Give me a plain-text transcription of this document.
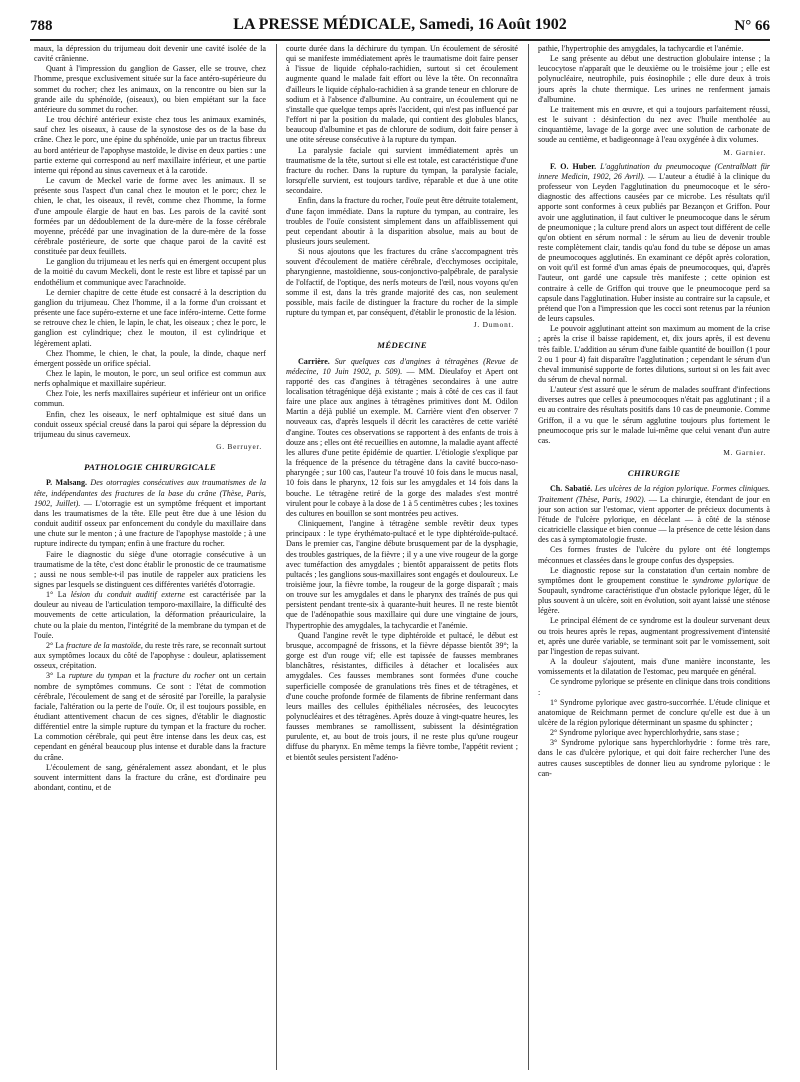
788	LA PRESSE MÉDICALE, Samedi, 16 Août 1902	N° 66

maux, la dépression du trijumeau doit devenir une cavité isolée de la cavité crânienne.

Quant à l'impression du ganglion de Gasser, elle se trouve, chez l'homme, presque exclusivement située sur la face antéro-supérieure du sommet du rocher; chez les animaux, on la rencontre ou bien sur la grande aile du sphénoïde, (oiseaux), ou bien empiétant sur la face antérieure du sommet du rocher.

Le trou déchiré antérieur existe chez tous les animaux examinés, sauf chez les oiseaux, à cause de la synostose des os de la base du crâne. Chez le porc, une épine du sphénoïde, unie par un tractus fibreux au bord antérieur de l'apophyse mastoïde, le divise en deux parties : une partie externe qui correspond au nerf maxillaire inférieur, et une partie interne qui répond au sinus caverneux et à la carotide.

Le cavum de Meckel varie de forme avec les animaux. Il se présente sous l'aspect d'un canal chez le mouton et le porc; chez le chien, le chat, les oiseaux, il revêt, comme chez l'homme, la forme d'une ampoule élargie de haut en bas. Les parois de la cavité sont formées par un dédoublement de la dure-mère de la fosse cérébrale moyenne, précédé par une invagination de la dure-mère de la fosse cérébrale postérieure, de sorte que chaque paroi de la cavité est constituée par deux feuillets.

Le ganglion du trijumeau et les nerfs qui en émergent occupent plus de la moitié du cavum Meckeli, dont le reste est libre et tapissé par un endothélium et communique avec l'arachnoïde.

Le dernier chapitre de cette étude est consacré à la description du ganglion du trijumeau. Chez l'homme, il a la forme d'un croissant et présente une face supéro-externe et une face inféro-interne. Cette forme se retrouve chez le chien, le lapin, le chat, les oiseaux ; chez le porc, le ganglion est cylindrique; chez le mouton, il est cylindrique et légèrement aplati.

Chez l'homme, le chien, le chat, la poule, la dinde, chaque nerf émergent possède un orifice spécial.

Chez le lapin, le mouton, le porc, un seul orifice est commun aux nerfs ophalmique et maxillaire supérieur.

Chez l'oie, les nerfs maxillaires supérieur et inférieur ont un orifice commun.

Enfin, chez les oiseaux, le nerf ophtalmique est situé dans un conduit osseux spécial creusé dans la paroi qui sépare la dépression du trijumeau du sinus caverneux.

G. Berruyer.
PATHOLOGIE CHIRURGICALE

P. Malsang. Des otorragies consécutives aux traumatismes de la tête, indépendantes des fractures de la base du crâne (Thèse, Paris, 1902, Juillet). — L'otorragie est un symptôme fréquent et important dans les traumatismes de la tête. Elle peut être due à une lésion du conduit auditif osseux par enfoncement du condyle du maxillaire dans une chute sur le menton ; à une fracture de l'apophyse mastoïde ; à une rupture indirecte du tympan; enfin à une fracture du rocher.

Faire le diagnostic du siège d'une otorragie consécutive à un traumatisme de la tête, c'est donc établir le pronostic de ce traumatisme ; aussi ne nous semble-t-il pas inutile de rappeler aux praticiens les signes par lesquels se distinguent ces différentes variétés d'otorragie.

1° La lésion du conduit auditif externe est caractérisée par la douleur au niveau de l'articulation temporo-maxillaire, la difficulté des mouvements de cette articulation, la déformation préauriculaire, la chute ou la plaie du menton, l'intégrité de la membrane du tympan et de l'ouïe.

2° La fracture de la mastoïde, du reste très rare, se reconnaît surtout aux symptômes locaux du côté de l'apophyse : douleur, aplatissement osseux, crépitation.

3° La rupture du tympan et la fracture du rocher ont un certain nombre de symptômes communs. Ce sont : l'état de commotion cérébrale, l'écoulement de sang et de sérosité par l'oreille, la paralysie faciale, l'altération ou la perte de l'ouïe. Or, il est toujours possible, en étudiant attentivement chacun de ces signes, d'établir le diagnostic différentiel entre la simple rupture du tympan et la fracture du rocher. La commotion cérébrale, qui peut être intense dans les deux cas, est cependant en général beaucoup plus intense et durable dans la fracture du crâne.

L'écoulement de sang, généralement assez abondant, et le plus souvent intermittent dans la fracture du crâne, est d'ordinaire peu abondant, continu, et de

courte durée dans la déchirure du tympan. Un écoulement de sérosité qui se manifeste immédiatement après le traumatisme doit faire penser à l'issue de liquide céphalo-rachidien, surtout si cet écoulement augmente quand le malade fait effort ou lève la tête. On reconnaîtra d'ailleurs le liquide céphalo-rachidien à sa grande teneur en chlorure de sodium et à l'absence d'albumine. Au contraire, un écoulement qui ne s'installe que quelque temps après l'accident, qui n'est pas influencé par l'effort ni par la position du malade, qui contient des globules blancs, beaucoup d'albumine et pas de chlorure de sodium, doit faire penser à une otite séreuse consécutive à la rupture du tympan.

La paralysie faciale qui survient immédiatement après un traumatisme de la tête, surtout si elle est totale, est caractéristique d'une fracture du rocher. Dans la rupture du tympan, la paralysie faciale, lorsqu'elle survient, est toujours tardive, réparable et due à une otite secondaire.

Enfin, dans la fracture du rocher, l'ouïe peut être détruite totalement, d'une façon immédiate. Dans la rupture du tympan, au contraire, les troubles de l'ouïe consistent simplement dans un affaiblissement qui peut cependant aboutir à la disparition absolue, mais au bout de plusieurs jours seulement.

Si nous ajoutons que les fractures du crâne s'accompagnent très souvent d'écoulement de matière cérébrale, d'ecchymoses occipitale, pharyngienne, mastoïdienne, sous-conjonctivo-palpébrale, de paralysie de l'olfactif, de l'optique, des nerfs moteurs de l'œil, nous voyons qu'en somme il est, dans la très grande majorité des cas, non seulement possible, mais facile de distinguer la fracture du rocher de la simple rupture du tympan et, par conséquent, d'établir le pronostic de la lésion.

J. Dumont.
MÉDECINE

Carrière. Sur quelques cas d'angines à tétragènes (Revue de médecine, 10 Juin 1902, p. 509). — MM. Dieulafoy et Apert ont rapporté des cas d'angines à tétragènes secondaires à une autre localisation tétragénique déjà existante ; mais à côté de ces cas il faut faire une place aux angines à tétragènes primitives dont M. Odilon Martin a déjà publié un exemple. M. Carrière vient d'en observer 7 nouveaux cas, d'après lesquels il décrit les caractères de cette variété d'angine. Toutes ces observations se rapportent à des enfants de trois à douze ans ; elles ont été recueillies en automne, la maladie ayant affecté les allures d'une petite épidémie de quartier. L'étiologie s'explique par la fréquence de la présence du tétragène dans la cavité bucco-naso-pharyngée ; sur 100 cas, l'auteur l'a trouvé 10 fois dans le mucus nasal, 10 fois dans le pharynx, 12 fois sur les amygdales et 14 fois dans la bouche. Le tétragène retiré de la gorge des malades s'est montré virulent pour le cobaye à la dose de 1 à 5 centimètres cubes ; les toxines des cultures en bouillon se sont montrées peu actives.

Cliniquement, l'angine à tétragène semble revêtir deux types principaux : le type érythémato-pultacé et le type diphtéroïde-pultacé. Dans le premier cas, l'angine débute brusquement par de la dysphagie, des troubles gastriques, de la fièvre ; il y a une vive rougeur de la gorge avec tuméfaction des amygdales ; bientôt apparaissent de petits flots pultacés ; les ganglions sous-maxillaires sont engagés et douloureux. Le troisième jour, la fièvre tombe, la rougeur de la gorge disparaît ; mais on trouve sur les amygdales et dans le pharynx des traînés de pus qui persistent pendant trente-six à quarante-huit heures. Il ne reste bientôt que de l'adénopathie sous maxillaire qui dure une vingtaine de jours, l'hypertrophie des amygdales, la tachycardie et l'anémie.

Quand l'angine revêt le type diphtéroïde et pultacé, le début est brusque, accompagné de frissons, et la fièvre dépasse bientôt 39°; la gorge est d'un rouge vif; elle est tapissée de fausses membranes blanchâtres, résistantes, difficiles à détacher et localisées aux amygdales. Ces fausses membranes sont formées d'une couche superficielle composée de granulations très fines et de tétragènes, et d'une couche profonde formée de filaments de fibrine renfermant dans leurs mailles des cellules épithéliales nécrosées, des leucocytes polynucléaires et des tétragènes. Après douze à vingt-quatre heures, les fausses membranes se ramollissent, subissent la désintégration purulente, et, au bout de trois jours, il ne reste plus qu'une rougeur diffuse du pharynx. En même temps la fièvre tombe, l'appétit revient ; et bientôt seules persistent l'adéno-

pathie, l'hypertrophie des amygdales, la tachycardie et l'anémie.

Le sang présente au début une destruction globulaire intense ; la leucocytose n'apparaît que le deuxième ou le troisième jour ; elle est polynucléaire, neutrophile, puis éosinophile ; elle dure deux à trois jours après la chute thermique. Les urines ne renferment jamais d'albumine.

Le traitement mis en œuvre, et qui a toujours parfaitement réussi, est le suivant : désinfection du nez avec l'huile mentholée au cinquantième, lavage de la gorge avec une solution de carbonate de soude au centième, et badigeonnage à l'eau oxygénée à dix volumes.

M. Garnier.

F. O. Huber. L'agglutination du pneumocoque (Centralblatt für innere Medicin, 1902, 26 Avril). — L'auteur a étudié à la clinique du professeur von Leyden l'agglutination du pneumocoque et le séro-diagnostic des affections causées par ce microbe. Les résultats qu'il apporte sont conformes à ceux publiés par Bezançon et Griffon. Pour avoir une agglutination, il faut cultiver le pneumocoque dans le sérum de pneumonique ; la culture prend alors un aspect tout différent de celle qu'on obtient en sérum normal : le sérum au lieu de devenir trouble reste complètement clair, tandis qu'au fond du tube se dépose un amas de pneumocoques agglutinés. En examinant ce dépôt après coloration, on voit qu'il est formé d'un amas épais de pneumocoques, qui, d'après l'auteur, ont gardé une capsule très manifeste ; cette opinion est contraire à celle de Griffon qui trouve que le pneumocoque perd sa capsule dans l'agglutination. Huber insiste au contraire sur la capsule, et prétend que l'on a l'impression que les cocci sont retenus par la réunion de leurs capsules.

Le pouvoir agglutinant atteint son maximum au moment de la crise ; après la crise il baisse rapidement, et, dix jours après, il est devenu très faible. L'addition au sérum d'une faible quantité de bouillon (1 pour 2 ou 1 pour 4) fait disparaître l'agglutination ; cependant le sérum d'un cheval immunisé supporte de fortes dilutions, surtout si on les fait avec du sérum de cheval normal.

L'auteur s'est assuré que le sérum de malades souffrant d'infections diverses autres que celles à pneumocoques n'était pas agglutinant ; il a eu au contraire des résultats positifs dans 10 cas de pneumonie. Comme Griffon, il a vu que le sérum agglutine toujours plus fortement le pneumocoque pris sur le malade lui-même que celui venant d'un autre cas.

M. Garnier.
CHIRURGIE

Ch. Sabatié. Les ulcères de la région pylorique. Formes cliniques. Traitement (Thèse, Paris, 1902). — La chirurgie, étendant de jour en jour son action sur l'estomac, vient apporter de précieux documents à l'étude de l'ulcère pylorique, en décelant — à côté de la sténose cicatricielle classique et bien connue — la présence de cette lésion dans des cas à symptomatologie fruste.

Ces formes frustes de l'ulcère du pylore ont été longtemps méconnues et classées dans le groupe confus des dyspepsies.

Le diagnostic repose sur la constatation d'un certain nombre de symptômes dont le groupement constitue le syndrome pylorique de Soupault, syndrome caractéristique d'un obstacle pylorique léger, dû le plus souvent à un ulcère, soit en évolution, soit ayant laissé une sténose légère.

Le principal élément de ce syndrome est la douleur survenant deux ou trois heures après le repas, augmentant progressivement d'intensité et, après une durée variable, se terminant soit par le vomissement, soit par l'ingestion de repas suivant.

A la douleur s'ajoutent, mais d'une manière inconstante, les vomissements et la dilatation de l'estomac, peu marquée en général.

Ce syndrome pylorique se présente en clinique dans trois conditions :

1° Syndrome pylorique avec gastro-succorrhée. L'étude clinique et anatomique de Reichmann permet de conclure qu'elle est due à un ulcère de la région pylorique déterminant un spasme du sphincter ;

2° Syndrome pylorique avec hyperchlorhydrie, sans stase ;

3° Syndrome pylorique sans hyperchlorhydrie : forme très rare, dans le cas d'ulcère pylorique, et qui doit faire rechercher l'une des autres causes susceptibles de donner lieu au syndrome pylorique : le can-
